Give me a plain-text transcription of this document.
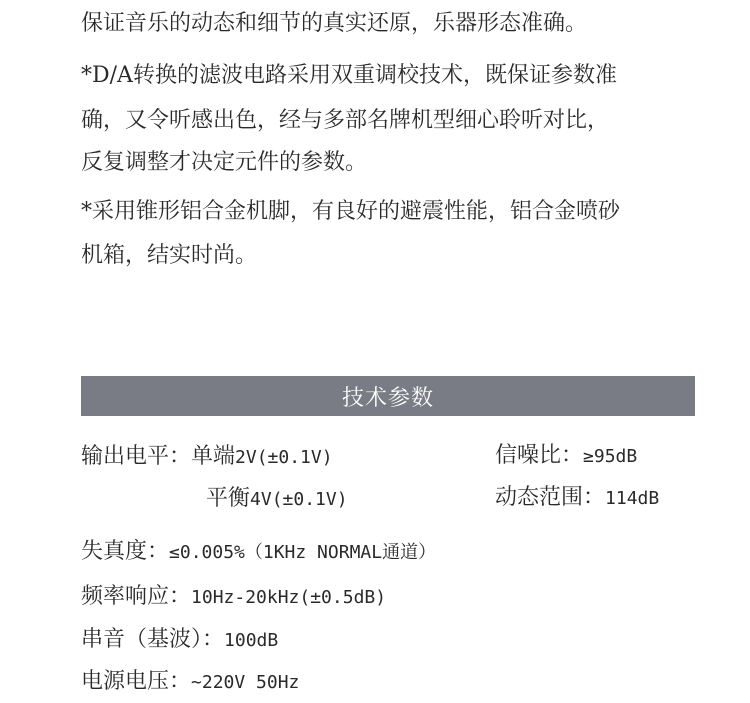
保证音乐的动态和细节的真实还原，乐器形态准确。

*D/A转换的滤波电路采用双重调校技术，既保证参数准

确，又令听感出色，经与多部名牌机型细心聆听对比，

反复调整才决定元件的参数。

*采用锥形铝合金机脚，有良好的避震性能，铝合金喷砂

机箱，结实时尚。

技术参数
输出电平：单端2V(±0.1V)
平衡4V(±0.1V)
信噪比：≥95dB
动态范围：114dB
失真度：≤0.005%（1KHz NORMAL通道）
频率响应：10Hz-20kHz(±0.5dB)
串音（基波）：100dB
电源电压：~220V 50Hz
